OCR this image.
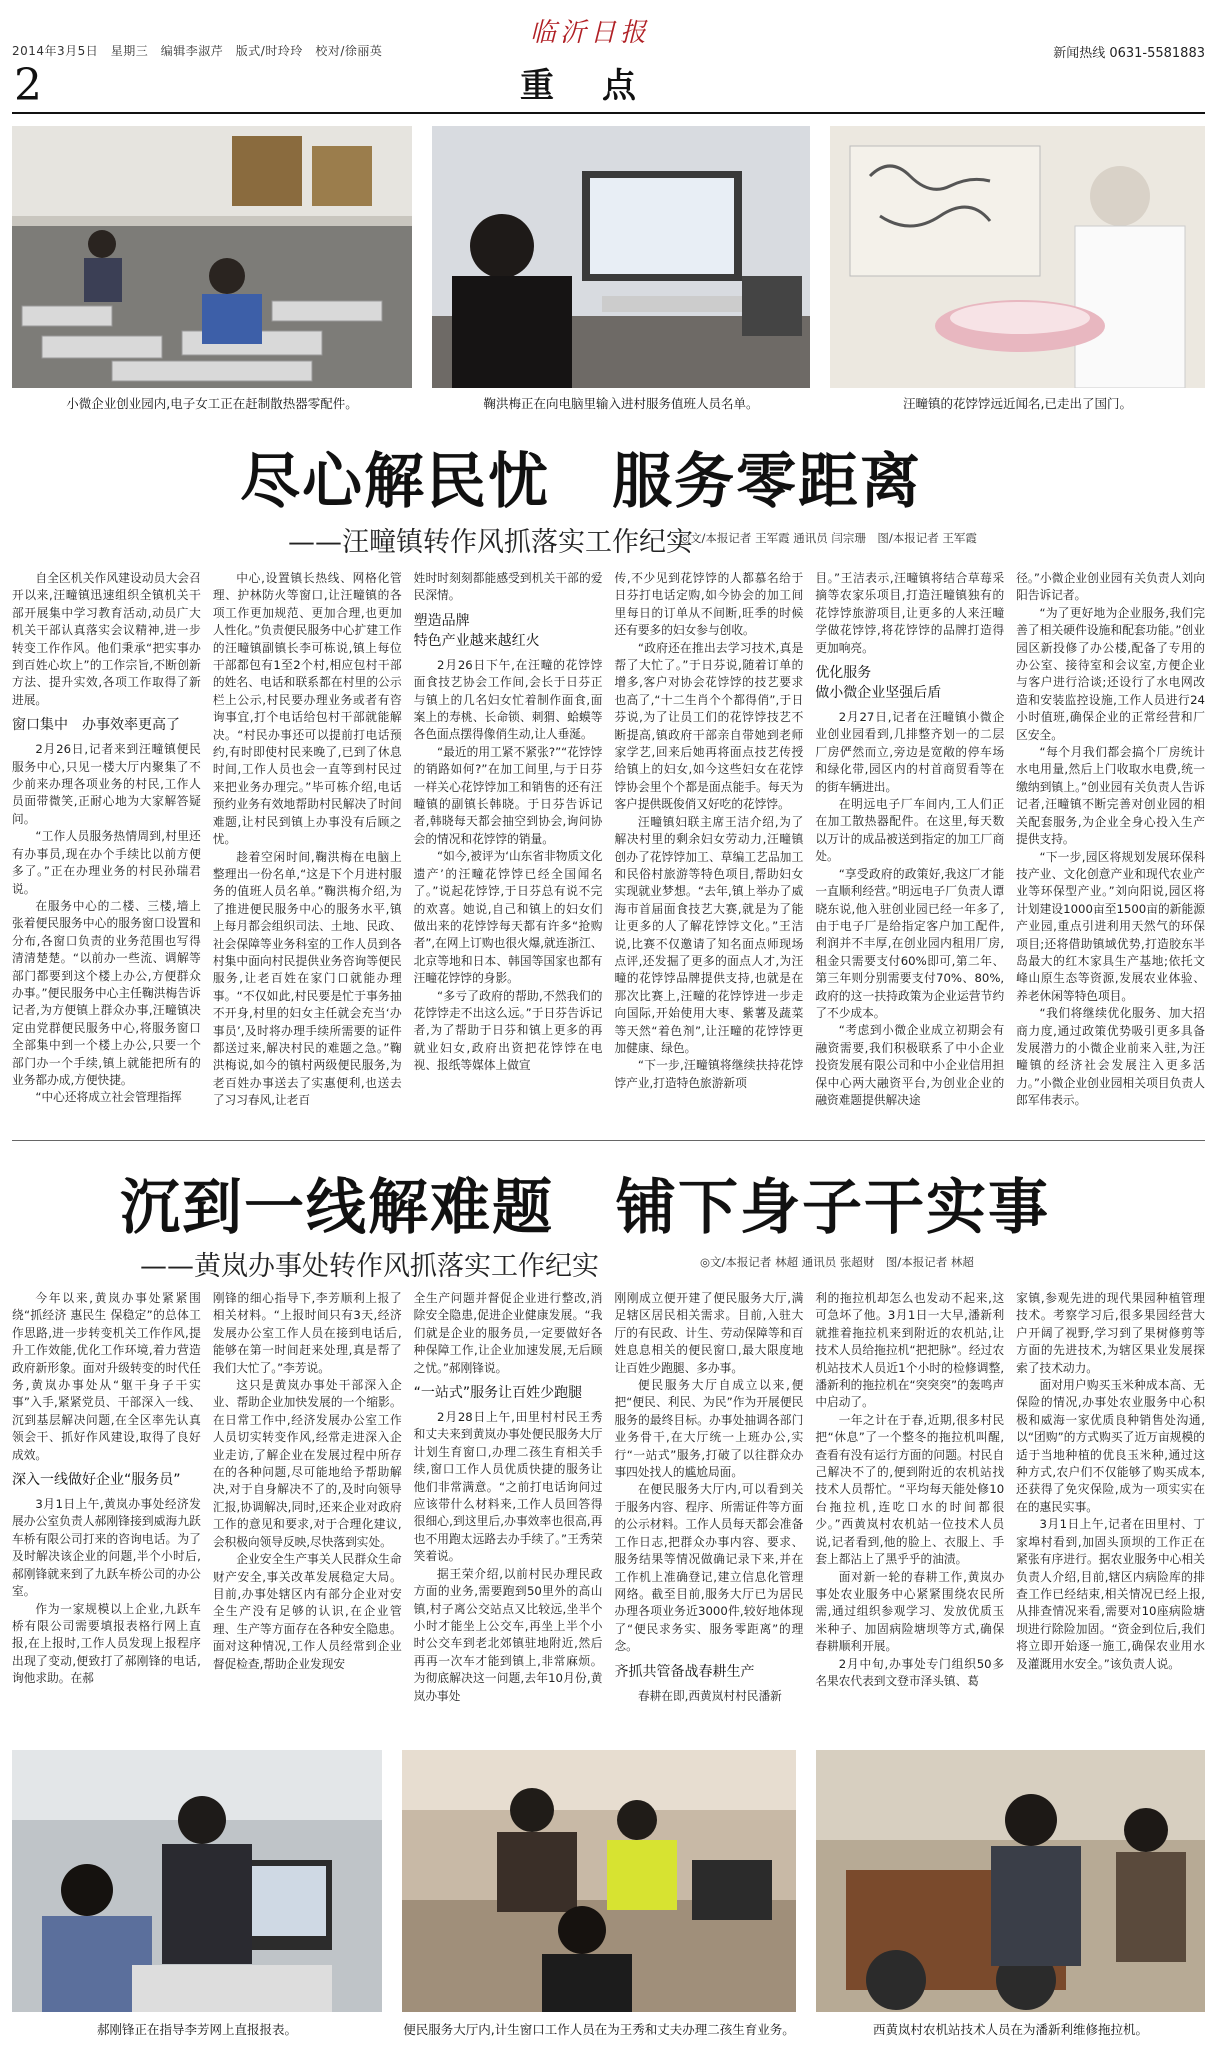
2014年3月5日　星期三　编辑李淑芹　版式/时玲玲　校对/徐丽英
临沂日报
新闻热线 0631-5581883
2	重点
小微企业创业园内,电子女工正在赶制散热器零配件。	鞠洪梅正在向电脑里输入进村服务值班人员名单。	汪疃镇的花饽饽远近闻名,已走出了国门。
尽心解民忧　服务零距离
——汪疃镇转作风抓落实工作纪实
◎文/本报记者 王军霞 通讯员 闫宗珊　图/本报记者 王军霞

自全区机关作风建设动员大会召开以来,汪疃镇迅速组织全镇机关干部开展集中学习教育活动,动员广大机关干部认真落实会议精神,进一步转变工作作风。他们秉承“把实事办到百姓心坎上”的工作宗旨,不断创新方法、提升实效,各项工作取得了新进展。

窗口集中　办事效率更高了

2月26日,记者来到汪疃镇便民服务中心,只见一楼大厅内聚集了不少前来办理各项业务的村民,工作人员面带微笑,正耐心地为大家解答疑问。

“工作人员服务热情周到,村里还有办事员,现在办个手续比以前方便多了。”正在办理业务的村民孙瑞君说。

在服务中心的二楼、三楼,墙上张着便民服务中心的服务窗口设置和分布,各窗口负责的业务范围也写得清清楚楚。“以前办一些流、调解等部门都要到这个楼上办公,方便群众办事。”便民服务中心主任鞠洪梅告诉记者,为方便镇上群众办事,汪疃镇决定由党群便民服务中心,将服务窗口全部集中到一个楼上办公,只要一个部门办一个手续,镇上就能把所有的业务都办成,方便快捷。

“中心还将成立社会管理指挥

中心,设置镇长热线、网格化管理、护林防火等窗口,让汪疃镇的各项工作更加规范、更加合理,也更加人性化。”负责便民服务中心扩建工作的汪疃镇副镇长李可栋说,镇上每位干部都包有1至2个村,相应包村干部的姓名、电话和联系都在村里的公示栏上公示,村民要办理业务或者有咨询事宜,打个电话给包村干部就能解决。“村民办事还可以提前打电话预约,有时即使村民来晚了,已到了休息时间,工作人员也会一直等到村民过来把业务办理完。”毕可栋介绍,电话预约业务有效地帮助村民解决了时间难题,让村民到镇上办事没有后顾之忧。

趁着空闲时间,鞠洪梅在电脑上整理出一份名单,“这是下个月进村服务的值班人员名单。”鞠洪梅介绍,为了推进便民服务中心的服务水平,镇上每月都会组织司法、土地、民政、社会保障等业务科室的工作人员到各村集中面向村民提供业务咨询等便民服务,让老百姓在家门口就能办理事。“不仅如此,村民要是忙于事务抽不开身,村里的妇女主任就会充当‘办事员’,及时将办理手续所需要的证件都送过来,解决村民的难题之急。”鞠洪梅说,如今的镇村两级便民服务,为老百姓办事送去了实惠便利,也送去了习习春风,让老百

姓时时刻刻都能感受到机关干部的爱民深情。

塑造品牌
特色产业越来越红火

2月26日下午,在汪疃的花饽饽面食技艺协会工作间,会长于日芬正与镇上的几名妇女忙着制作面食,面案上的寿桃、长命锁、刺猬、蛤蟆等各色面点摆得像俏生动,让人垂涎。

“最近的用工紧不紧张?”“花饽饽的销路如何?”在加工间里,与于日芬一样关心花饽饽加工和销售的还有汪疃镇的副镇长韩晓。于日芬告诉记者,韩晓每天都会抽空到协会,询问协会的情况和花饽饽的销量。

“如今,被评为‘山东省非物质文化遗产’的汪疃花饽饽已经全国闻名了。”说起花饽饽,于日芬总有说不完的欢喜。她说,自己和镇上的妇女们做出来的花饽饽每天都有许多“抢购者”,在网上订购也很火爆,就连浙江、北京等地和日本、韩国等国家也都有汪疃花饽饽的身影。

“多亏了政府的帮助,不然我们的花饽饽走不出这么远。”于日芬告诉记者,为了帮助于日芬和镇上更多的再就业妇女,政府出资把花饽饽在电视、报纸等媒体上做宣

传,不少见到花饽饽的人都慕名给于日芬打电话定购,如今协会的加工间里每日的订单从不间断,旺季的时候还有要多的妇女参与创收。

“政府还在推出去学习技术,真是帮了大忙了。”于日芬说,随着订单的增多,客户对协会花饽饽的技艺要求也高了,“十二生肖个个都得俏”,于日芬说,为了让员工们的花饽饽技艺不断提高,镇政府干部亲自带她到老师家学艺,回来后她再将面点技艺传授给镇上的妇女,如今这些妇女在花饽饽协会里个个都是面点能手。每天为客户提供既俊俏又好吃的花饽饽。

汪疃镇妇联主席王洁介绍,为了解决村里的剩余妇女劳动力,汪疃镇创办了花饽饽加工、草编工艺品加工和民俗村旅游等特色项目,帮助妇女实现就业梦想。“去年,镇上举办了威海市首届面食技艺大赛,就是为了能让更多的人了解花饽饽文化。”王洁说,比赛不仅邀请了知名面点师现场点评,还发掘了更多的面点人才,为汪疃的花饽饽品牌提供支持,也就是在那次比赛上,汪疃的花饽饽进一步走向国际,开始使用大枣、紫薯及蔬菜等天然“着色剂”,让汪疃的花饽饽更加健康、绿色。

“下一步,汪疃镇将继续扶持花饽饽产业,打造特色旅游新项

目。”王洁表示,汪疃镇将结合草莓采摘等农家乐项目,打造汪疃镇独有的花饽饽旅游项目,让更多的人来汪疃学做花饽饽,将花饽饽的品牌打造得更加响亮。

优化服务
做小微企业坚强后盾

2月27日,记者在汪疃镇小微企业创业园看到,几排整齐划一的二层厂房俨然而立,旁边是宽敞的停车场和绿化带,园区内的村首商贸看等在的街车辆进出。

在明远电子厂车间内,工人们正在加工散热器配件。在这里,每天数以万计的成品被送到指定的加工厂商处。

“享受政府的政策好,我这厂才能一直顺利经营。”明远电子厂负责人谭晓东说,他入驻创业园已经一年多了,由于电子厂是给指定客户加工配件,利润并不丰厚,在创业园内租用厂房,租金只需要支付60%即可,第二年、第三年则分别需要支付70%、80%,政府的这一扶持政策为企业运营节约了不少成本。

“考虑到小微企业成立初期会有融资需要,我们积极联系了中小企业投资发展有限公司和中小企业信用担保中心两大融资平台,为创业企业的融资难题提供解决途

径。”小微企业创业园有关负责人刘向阳告诉记者。

“为了更好地为企业服务,我们完善了相关硬件设施和配套功能。”创业园区新投修了办公楼,配备了专用的办公室、接待室和会议室,方便企业与客户进行洽谈;还设行了水电网改造和安装监控设施,工作人员进行24小时值班,确保企业的正常经营和厂区安全。

“每个月我们都会搞个厂房统计水电用量,然后上门收取水电费,统一缴纳到镇上。”创业园有关负责人告诉记者,汪疃镇不断完善对创业园的相关配套服务,为企业全身心投入生产提供支持。

“下一步,园区将规划发展环保科技产业、文化创意产业和现代农业产业等环保型产业。”刘向阳说,园区将计划建设1000亩至1500亩的新能源产业园,重点引进利用天然气的环保项目;还将借助镇域优势,打造胶东半岛最大的红木家具生产基地;依托文峰山原生态等资源,发展农业体验、养老休闲等特色项目。

“我们将继续优化服务、加大招商力度,通过政策优势吸引更多具备发展潜力的小微企业前来入驻,为汪疃镇的经济社会发展注入更多活力。”小微企业创业园相关项目负责人郎军伟表示。

沉到一线解难题　铺下身子干实事
——黄岚办事处转作风抓落实工作纪实	◎文/本报记者 林超 通讯员 张超财　图/本报记者 林超

今年以来,黄岚办事处紧紧围绕“抓经济 惠民生 保稳定”的总体工作思路,进一步转变机关工作作风,提升工作效能,优化工作环境,着力营造政府新形象。面对升级转变的时代任务,黄岚办事处从“躯干身子干实事”入手,紧紧党员、干部深入一线、沉到基层解决问题,在全区率先认真领会干、抓好作风建设,取得了良好成效。

深入一线做好企业“服务员”

3月1日上午,黄岚办事处经济发展办公室负责人郝刚锋接到威海九跃车桥有限公司打来的咨询电话。为了及时解决该企业的问题,半个小时后,郝刚锋就来到了九跃车桥公司的办公室。

作为一家规模以上企业,九跃车桥有限公司需要填报表格行网上直报,在上报时,工作人员发现上报程序出现了变动,便致打了郝刚锋的电话,询他求助。在郝

刚锋的细心指导下,李芳顺利上报了相关材料。“上报时间只有3天,经济发展办公室工作人员在接到电话后,能够在第一时间赶来处理,真是帮了我们大忙了。”李芳说。

这只是黄岚办事处干部深入企业、帮助企业加快发展的一个缩影。在日常工作中,经济发展办公室工作人员切实转变作风,经常走进深入企业走访,了解企业在发展过程中所存在的各种问题,尽可能地给予帮助解决,对于自身解决不了的,及时向领导汇报,协调解决,同时,还来企业对政府工作的意见和要求,对于合理化建议,会积极向领导反映,尽快落到实处。

企业安全生产事关人民群众生命财产安全,事关改革发展稳定大局。目前,办事处辖区内有部分企业对安全生产没有足够的认识,在企业管理、生产等方面存在各种安全隐患。面对这种情况,工作人员经常到企业督促检查,帮助企业发现安

全生产问题并督促企业进行整改,消除安全隐患,促进企业健康发展。“我们就是企业的服务员,一定要做好各种保障工作,让企业加速发展,无后顾之忧。”郝刚锋说。

“一站式”服务让百姓少跑腿

2月28日上午,田里村村民王秀和丈夫来到黄岚办事处便民服务大厅计划生育窗口,办理二孩生育相关手续,窗口工作人员优质快捷的服务让他们非常满意。“之前打电话询问过应该带什么材料来,工作人员回答得很细心,到这里后,办事效率也很高,再也不用跑太远路去办手续了。”王秀荣笑着说。

据王荣介绍,以前村民办理民政方面的业务,需要跑到50里外的高山镇,村子离公交站点又比较远,坐半个小时才能坐上公交车,再坐上半个小时公交车到老北郊镇驻地附近,然后再再一次车才能到镇上,非常麻烦。为彻底解决这一问题,去年10月份,黄岚办事处

刚刚成立便开建了便民服务大厅,满足辖区居民相关需求。目前,入驻大厅的有民政、计生、劳动保障等和百姓息息相关的便民窗口,最大限度地让百姓少跑腿、多办事。

便民服务大厅自成立以来,便把“便民、利民、为民”作为开展便民服务的最终目标。办事处抽调各部门业务骨干,在大厅统一上班办公,实行“一站式”服务,打破了以往群众办事四处找人的尴尬局面。

在便民服务大厅内,可以看到关于服务内容、程序、所需证件等方面的公示材料。工作人员每天都会准备工作日志,把群众办事内容、要求、服务结果等情况做确记录下来,并在工作机上准确登记,建立信息化管理网络。截至目前,服务大厅已为居民办理各项业务近3000件,较好地体现了“便民求务实、服务零距离”的理念。

齐抓共管备战春耕生产

春耕在即,西黄岚村村民潘新

利的拖拉机却怎么也发动不起来,这可急坏了他。3月1日一大早,潘新利就推着拖拉机来到附近的农机站,让技术人员给拖拉机“把把脉”。经过农机站技术人员近1个小时的检修调整,潘新利的拖拉机在“突突突”的轰鸣声中启动了。

一年之计在于春,近期,很多村民把“休息”了一个整冬的拖拉机叫醒,查看有没有运行方面的问题。村民自己解决不了的,便到附近的农机站找技术人员帮忙。“平均每天能处修10台拖拉机,连吃口水的时间都很少。”西黄岚村农机站一位技术人员说,记者看到,他的脸上、衣服上、手套上都沾上了黑乎乎的油渍。

面对新一轮的春耕工作,黄岚办事处农业服务中心紧紧围绕农民所需,通过组织参观学习、发放优质玉米种子、加固病险塘坝等方式,确保春耕顺利开展。

2月中旬,办事处专门组织50多名果农代表到文登市泽头镇、葛

家镇,参观先进的现代果园种植管理技术。考察学习后,很多果园经营大户开阔了视野,学习到了果树修剪等方面的先进技术,为辖区果业发展探索了技术动力。

面对用户购买玉米种成本高、无保险的情况,办事处农业服务中心积极和威海一家优质良种销售处沟通,以“团购”的方式购买了近万亩规模的适于当地种植的优良玉米种,通过这种方式,农户们不仅能够了购买成本,还获得了免灾保险,成为一项实实在在的惠民实事。

3月1日上午,记者在田里村、丁家埠村看到,加固头顶坝的工作正在紧张有序进行。据农业服务中心相关负责人介绍,目前,辖区内病险库的排查工作已经结束,相关情况已经上报,从排查情况来看,需要对10座病险塘坝进行除险加固。“资金到位后,我们将立即开始逐一施工,确保农业用水及灌溉用水安全。”该负责人说。

郝刚锋正在指导李芳网上直报报表。	便民服务大厅内,计生窗口工作人员在为王秀和丈夫办理二孩生育业务。	西黄岚村农机站技术人员在为潘新利维修拖拉机。
